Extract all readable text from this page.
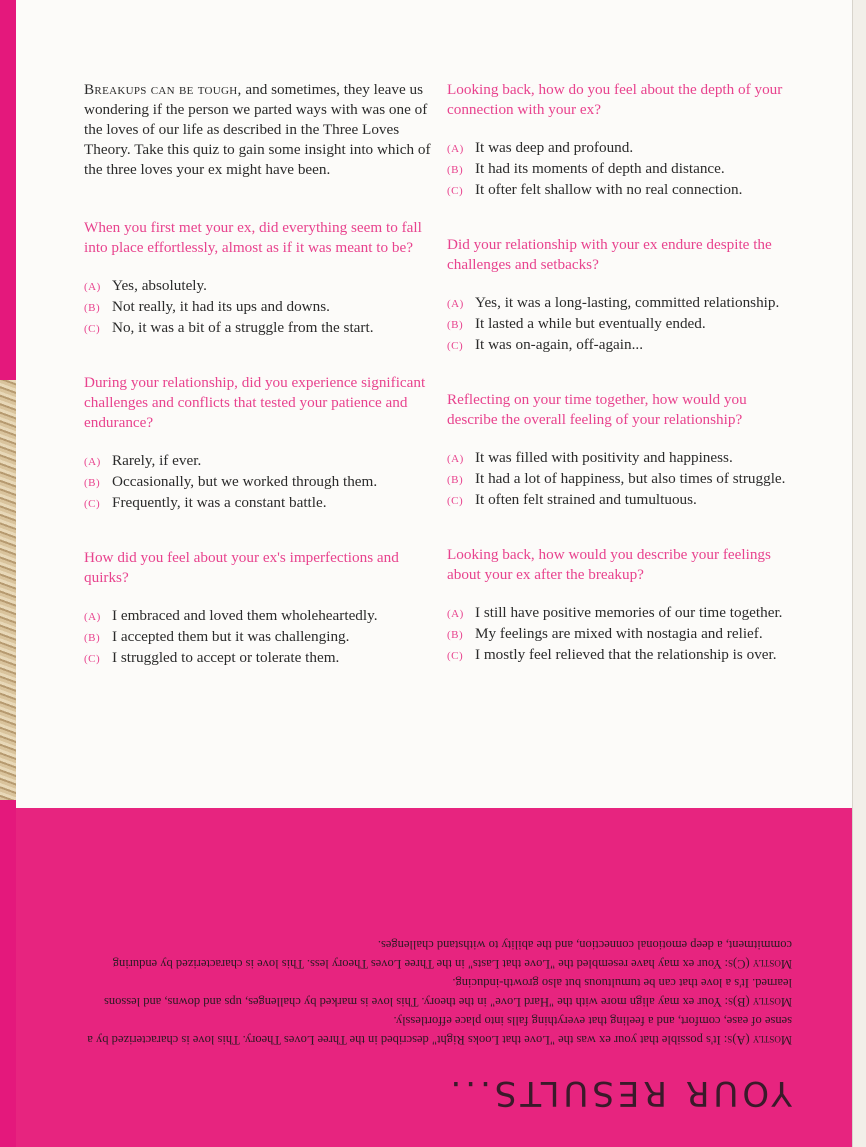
Breakups can be tough, and sometimes, they leave us wondering if the person we parted ways with was one of the loves of our life as described in the Three Loves Theory. Take this quiz to gain some insight into which of the three loves your ex might have been.

When you first met your ex, did everything seem to fall into place effortlessly, almost as if it was meant to be?

(A) Yes, absolutely.
(B) Not really, it had its ups and downs.
(C) No, it was a bit of a struggle from the start.

During your relationship, did you experience significant challenges and conflicts that tested your patience and endurance?

(A) Rarely, if ever.
(B) Occasionally, but we worked through them.
(C) Frequently, it was a constant battle.

How did you feel about your ex's imperfections and quirks?

(A) I embraced and loved them wholeheartedly.
(B) I accepted them but it was challenging.
(C) I struggled to accept or tolerate them.

Looking back, how do you feel about the depth of your connection with your ex?

(A) It was deep and profound.
(B) It had its moments of depth and distance.
(C) It ofter felt shallow with no real connection.

Did your relationship with your ex endure despite the challenges and setbacks?

(A) Yes, it was a long-lasting, committed relationship.
(B) It lasted a while but eventually ended.
(C) It was on-again, off-again...

Reflecting on your time together, how would you describe the overall feeling of your relationship?

(A) It was filled with positivity and happiness.
(B) It had a lot of happiness, but also times of struggle.
(C) It often felt strained and tumultuous.

Looking back, how would you describe your feelings about your ex after the breakup?

(A) I still have positive memories of our time together.
(B) My feelings are mixed with nostagia and relief.
(C) I mostly feel relieved that the relationship is over.
YOUR RESULTS...

Mostly (A)s: It's possible that your ex was the "Love that Looks Right" described in the Three Loves Theory. This love is characterized by a sense of ease, comfort, and a feeling that everything falls into place effortlessly.

Mostly (B)s: Your ex may align more with the "Hard Love" in the theory. This love is marked by challenges, ups and downs, and lessons learned. It's a love that can be tumultuous but also growth-inducing.

Mostly (C)s: Your ex may have resembled the "Love that Lasts" in the Three Loves Theory less. This love is characterized by enduring commitment, a deep emotional connection, and the ability to withstand challenges.
